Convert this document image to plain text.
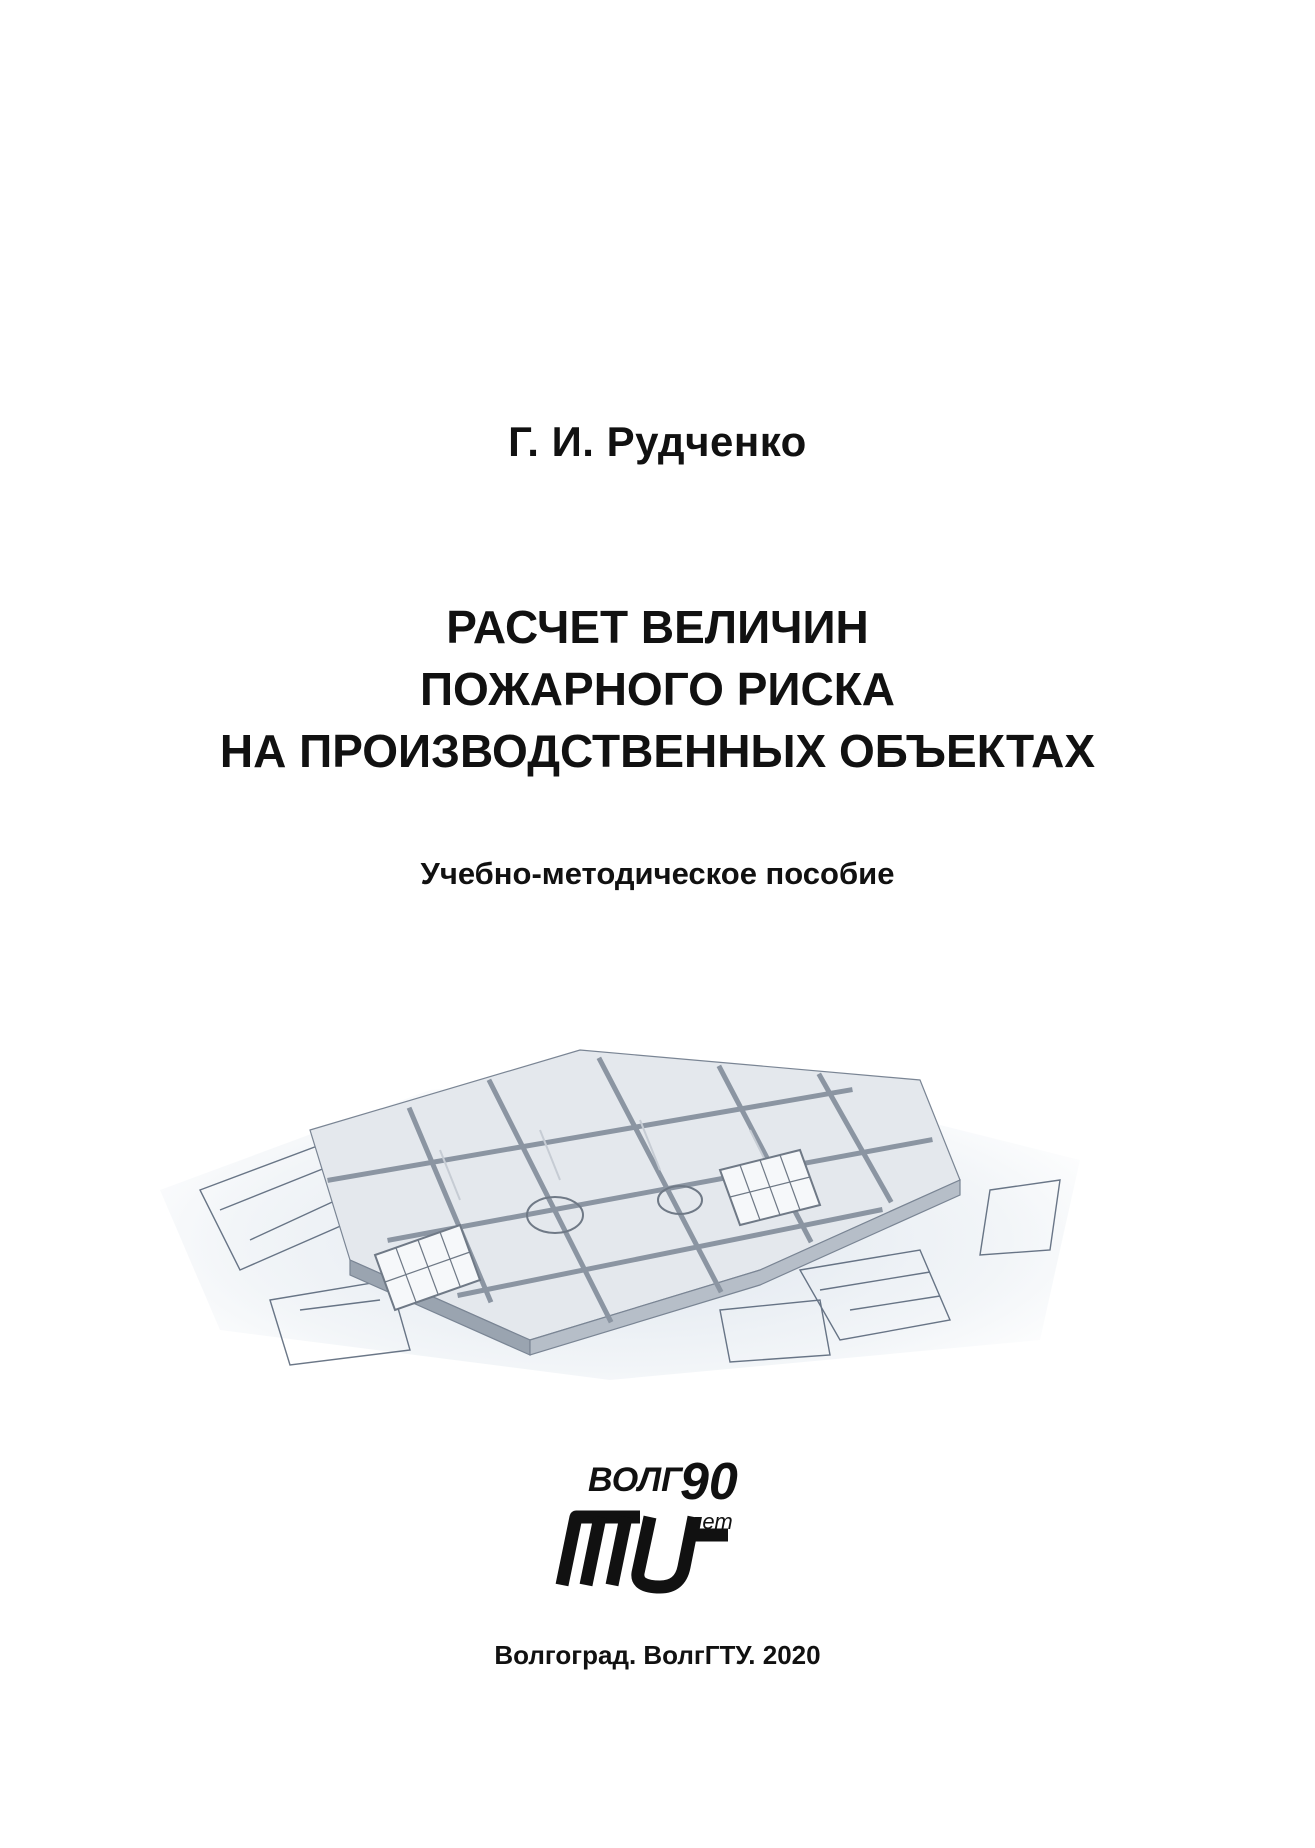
Г. И. Рудченко
РАСЧЕТ ВЕЛИЧИН
ПОЖАРНОГО РИСКА
НА ПРОИЗВОДСТВЕННЫХ ОБЪЕКТАХ
Учебно-методическое пособие
ВОЛГ
90
лет
Волгоград. ВолгГТУ. 2020
